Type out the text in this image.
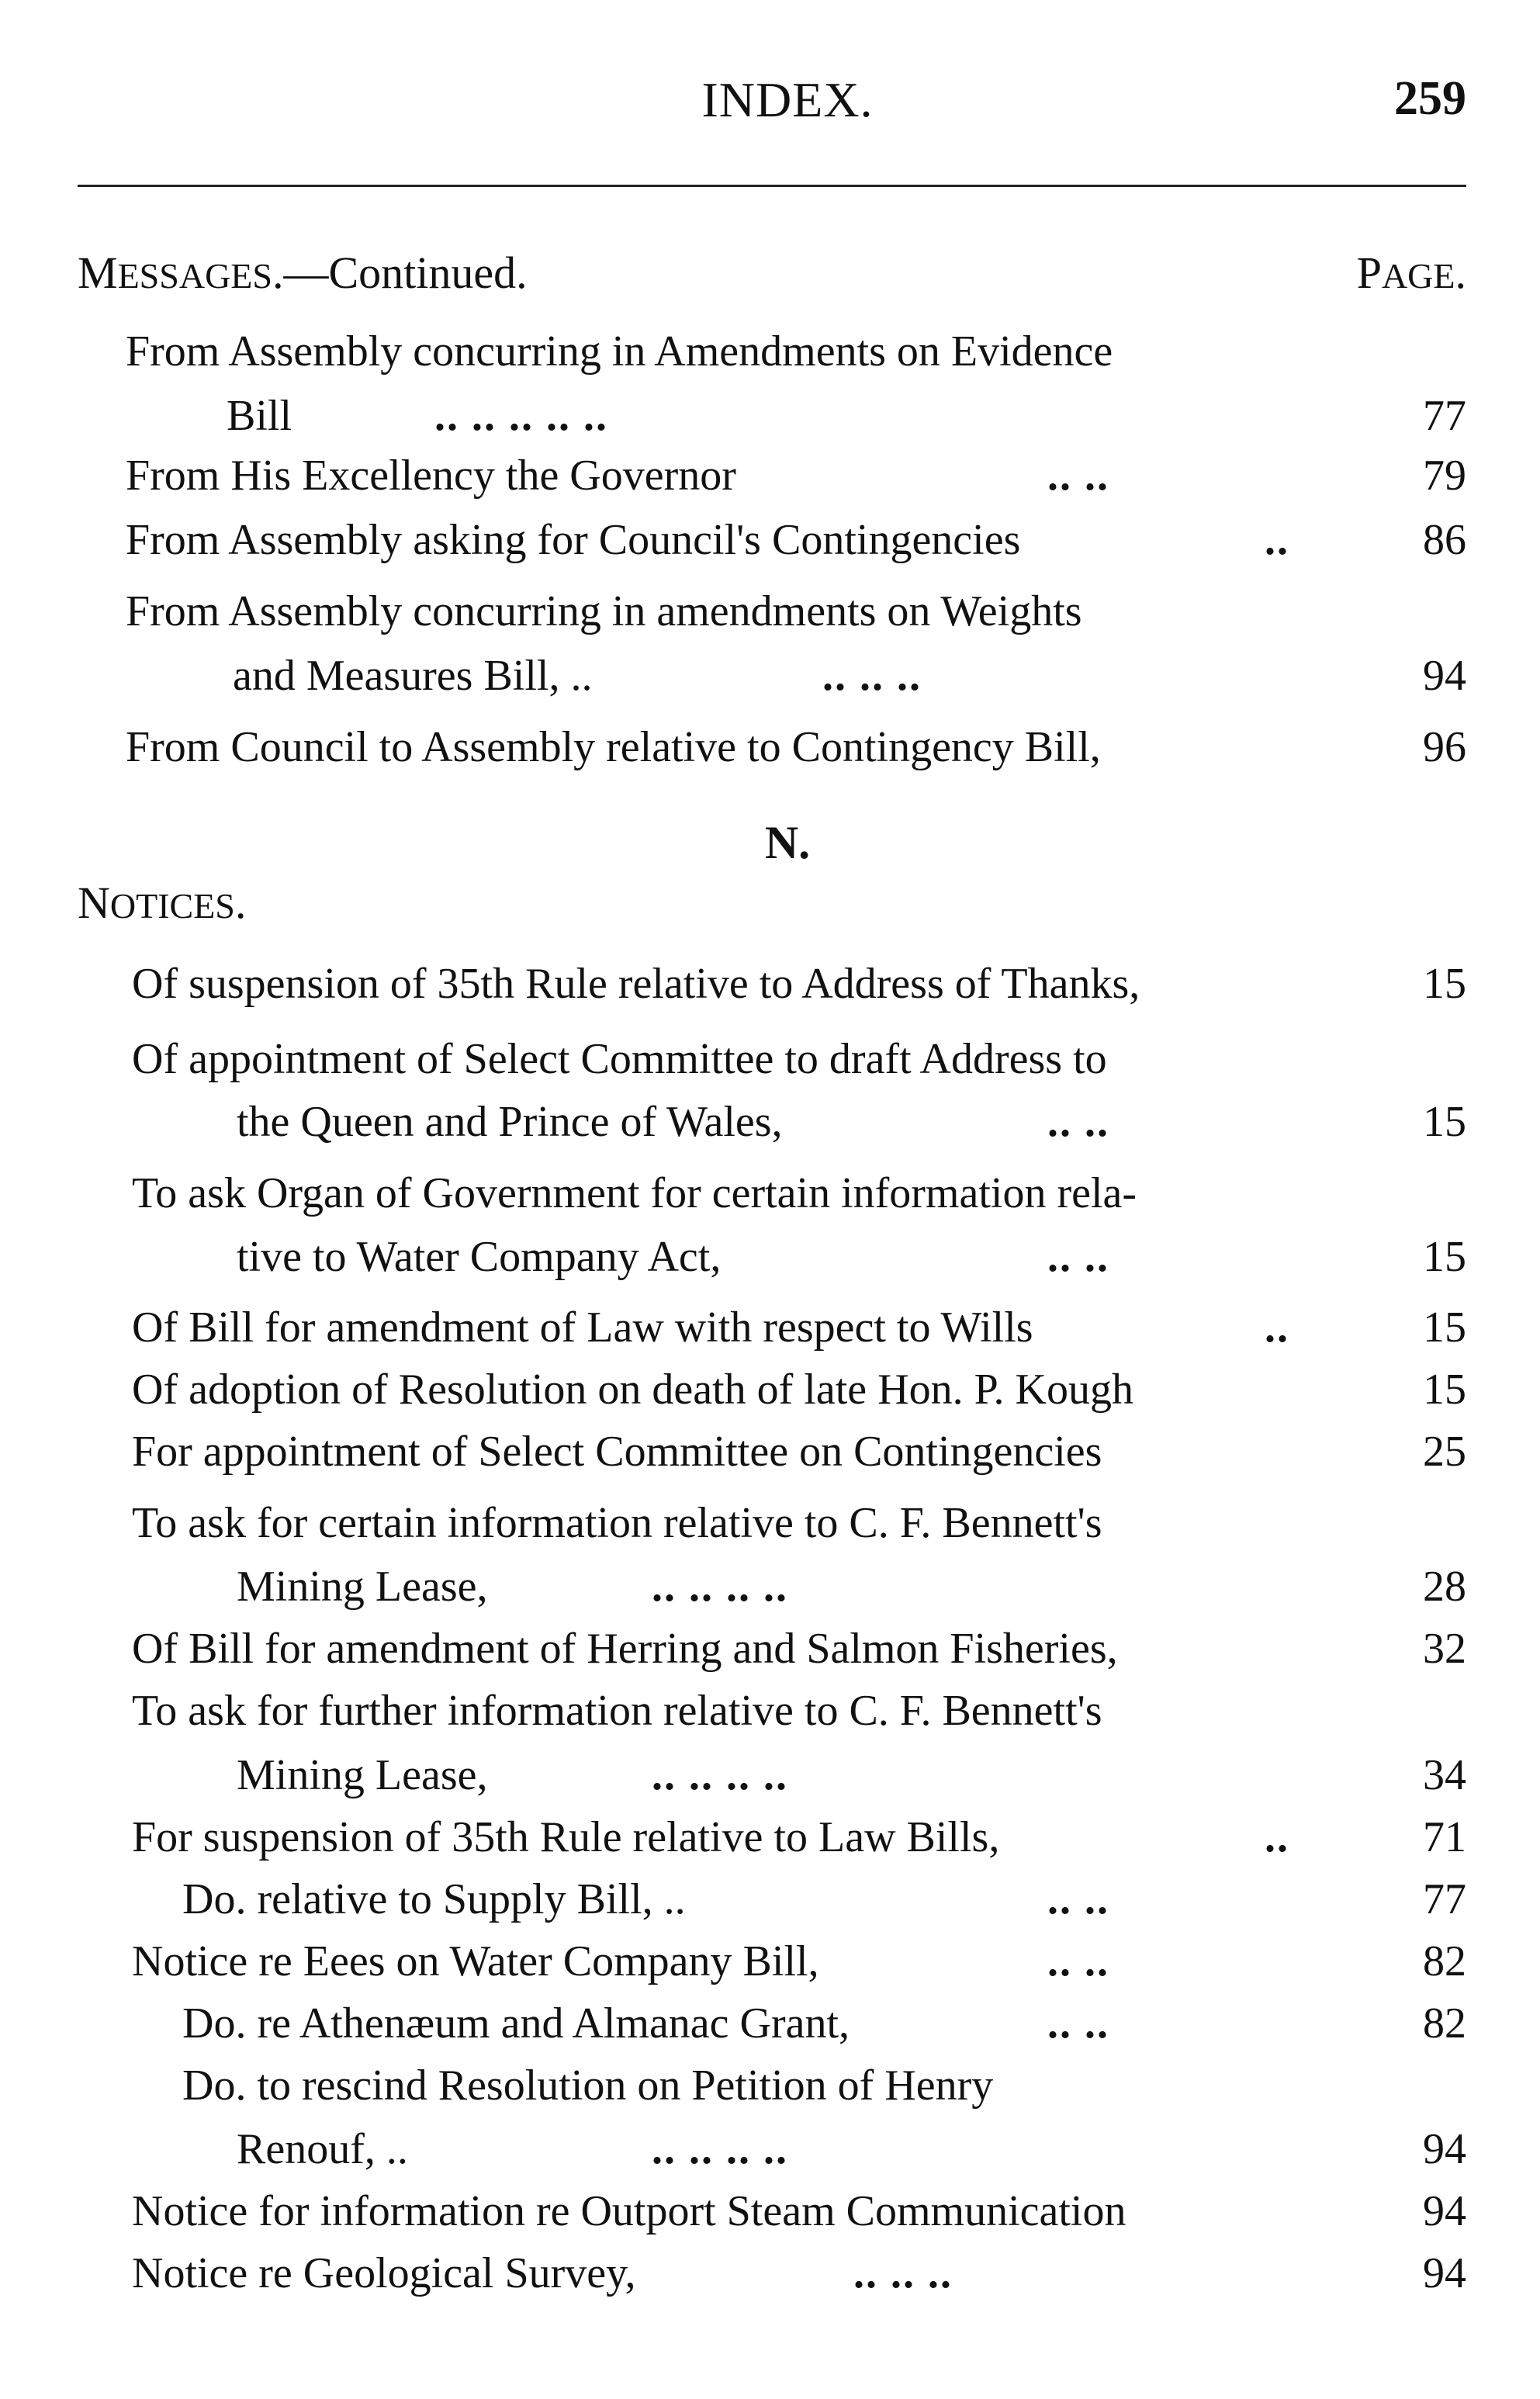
INDEX.	259
MESSAGES.—Continued.	PAGE.
From Assembly concurring in Amendments on Evidence
Bill	.. .. .. .. ..	77
From His Excellency the Governor	.. ..	79
From Assembly asking for Council's Contingencies	..	86
From Assembly concurring in amendments on Weights
and Measures Bill, ..	.. .. ..	94
From Council to Assembly relative to Contingency Bill,	96
N.
NOTICES.
Of suspension of 35th Rule relative to Address of Thanks,	15
Of appointment of Select Committee to draft Address to
the Queen and Prince of Wales,	.. ..	15
To ask Organ of Government for certain information rela-
tive to Water Company Act,	.. ..	15
Of Bill for amendment of Law with respect to Wills	..	15
Of adoption of Resolution on death of late Hon. P. Kough	15
For appointment of Select Committee on Contingencies	25
To ask for certain information relative to C. F. Bennett's
Mining Lease,	.. .. .. ..	28
Of Bill for amendment of Herring and Salmon Fisheries,	32
To ask for further information relative to C. F. Bennett's
Mining Lease,	.. .. .. ..	34
For suspension of 35th Rule relative to Law Bills,	..	71
Do. relative to Supply Bill, ..	.. ..	77
Notice re Eees on Water Company Bill,	.. ..	82
Do. re Athenæum and Almanac Grant,	.. ..	82
Do. to rescind Resolution on Petition of Henry
Renouf, ..	.. .. .. ..	94
Notice for information re Outport Steam Communication	94
Notice re Geological Survey,	.. .. ..	94
